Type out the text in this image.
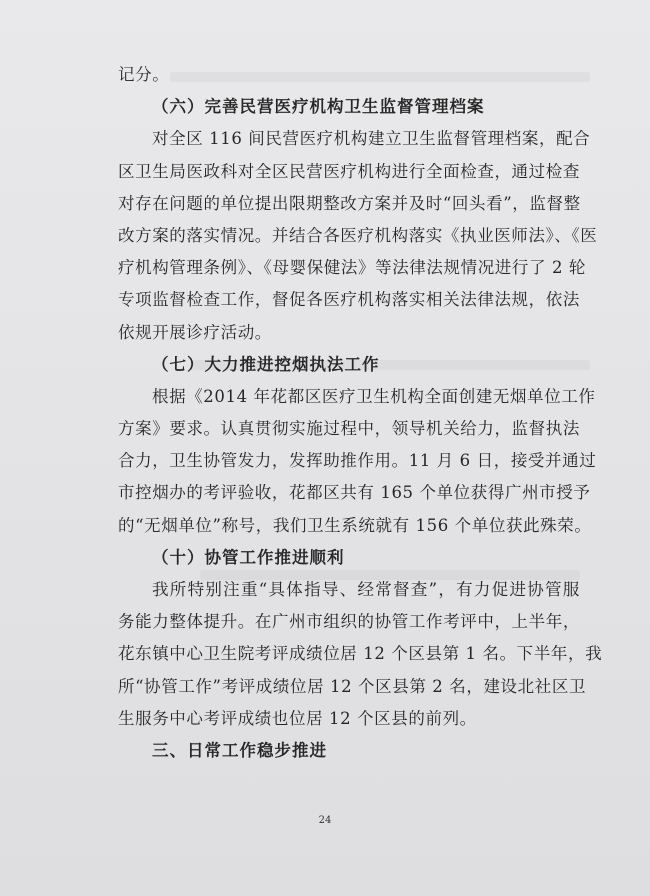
记分。
（六）完善民营医疗机构卫生监督管理档案
对全区 116 间民营医疗机构建立卫生监督管理档案，配合
区卫生局医政科对全区民营医疗机构进行全面检查，通过检查
对存在问题的单位提出限期整改方案并及时“回头看”，监督整
改方案的落实情况。并结合各医疗机构落实《执业医师法》、《医
疗机构管理条例》、《母婴保健法》等法律法规情况进行了 2 轮
专项监督检查工作，督促各医疗机构落实相关法律法规，依法
依规开展诊疗活动。
（七）大力推进控烟执法工作
根据《2014 年花都区医疗卫生机构全面创建无烟单位工作
方案》要求。认真贯彻实施过程中，领导机关给力，监督执法
合力，卫生协管发力，发挥助推作用。11 月 6 日，接受并通过
市控烟办的考评验收，花都区共有 165 个单位获得广州市授予
的“无烟单位”称号，我们卫生系统就有 156 个单位获此殊荣。
（十）协管工作推进顺利
我所特别注重“具体指导、经常督查”，有力促进协管服
务能力整体提升。在广州市组织的协管工作考评中，上半年，
花东镇中心卫生院考评成绩位居 12 个区县第 1 名。下半年，我
所“协管工作”考评成绩位居 12 个区县第 2 名，建设北社区卫
生服务中心考评成绩也位居 12 个区县的前列。
三、日常工作稳步推进
24
